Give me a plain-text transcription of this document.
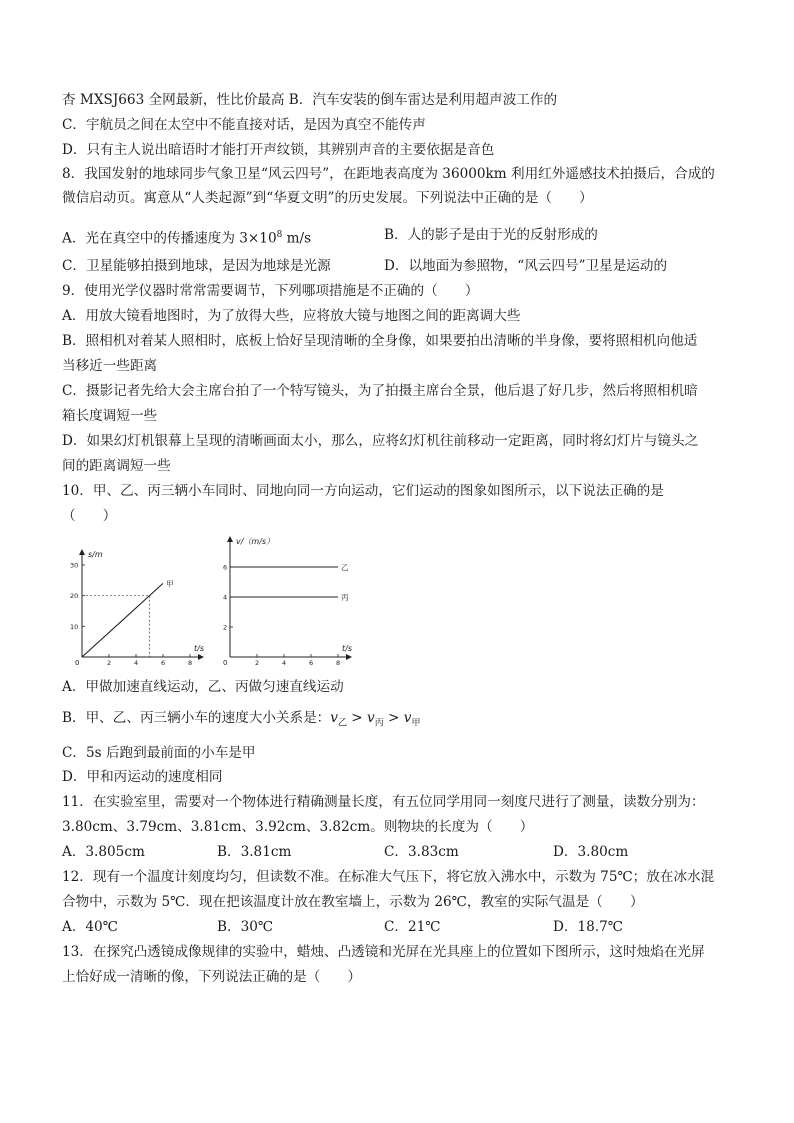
杏 MXSJ663 全网最新，性比价最高 B．汽车安装的倒车雷达是利用超声波工作的
C．宇航员之间在太空中不能直接对话，是因为真空不能传声
D．只有主人说出暗语时才能打开声纹锁，其辨别声音的主要依据是音色
8．我国发射的地球同步气象卫星“风云四号”，在距地表高度为 36000km 利用红外遥感技术拍摄后，合成的
微信启动页。寓意从“人类起源”到“华夏文明”的历史发展。下列说法中正确的是（　　）
A．光在真空中的传播速度为 $3\times 10^8$ m/s	B．人的影子是由于光的反射形成的
C．卫星能够拍摄到地球，是因为地球是光源	D．以地面为参照物，“风云四号”卫星是运动的
9．使用光学仪器时常常需要调节，下列哪项措施是不正确的（　　）
A．用放大镜看地图时，为了放得大些，应将放大镜与地图之间的距离调大些
B．照相机对着某人照相时，底板上恰好呈现清晰的全身像，如果要拍出清晰的半身像，要将照相机向他适
当移近一些距离
C．摄影记者先给大会主席台拍了一个特写镜头，为了拍摄主席台全景，他后退了好几步，然后将照相机暗
箱长度调短一些
D．如果幻灯机银幕上呈现的清晰画面太小，那么，应将幻灯机往前移动一定距离，同时将幻灯片与镜头之
间的距离调短一些
10．甲、乙、丙三辆小车同时、同地向同一方向运动，它们运动的图象如图所示，以下说法正确的是
（　　）
s/m
t/s
0	2	4	6	8
10
20
30
甲
v/（m/s）
t/s
0	2	4	6	8
2
4
6	乙
丙
A．甲做加速直线运动，乙、丙做匀速直线运动
B．甲、乙、丙三辆小车的速度大小关系是：$v_乙 > v_丙 > v_甲$
C．5s 后跑到最前面的小车是甲
D．甲和丙运动的速度相同
11．在实验室里，需要对一个物体进行精确测量长度，有五位同学用同一刻度尺进行了测量，读数分别为：
3.80cm、3.79cm、3.81cm、3.92cm、3.82cm。则物块的长度为（　　）
A．3.805cm	B．3.81cm	C．3.83cm	D．3.80cm
12．现有一个温度计刻度均匀，但读数不准。在标准大气压下，将它放入沸水中，示数为 75℃；放在冰水混
合物中，示数为 5℃．现在把该温度计放在教室墙上，示数为 26℃，教室的实际气温是（　　）
A．40℃	B．30℃	C．21℃	D．18.7℃
13．在探究凸透镜成像规律的实验中，蜡烛、凸透镜和光屏在光具座上的位置如下图所示，这时烛焰在光屏
上恰好成一清晰的像，下列说法正确的是（　　）
